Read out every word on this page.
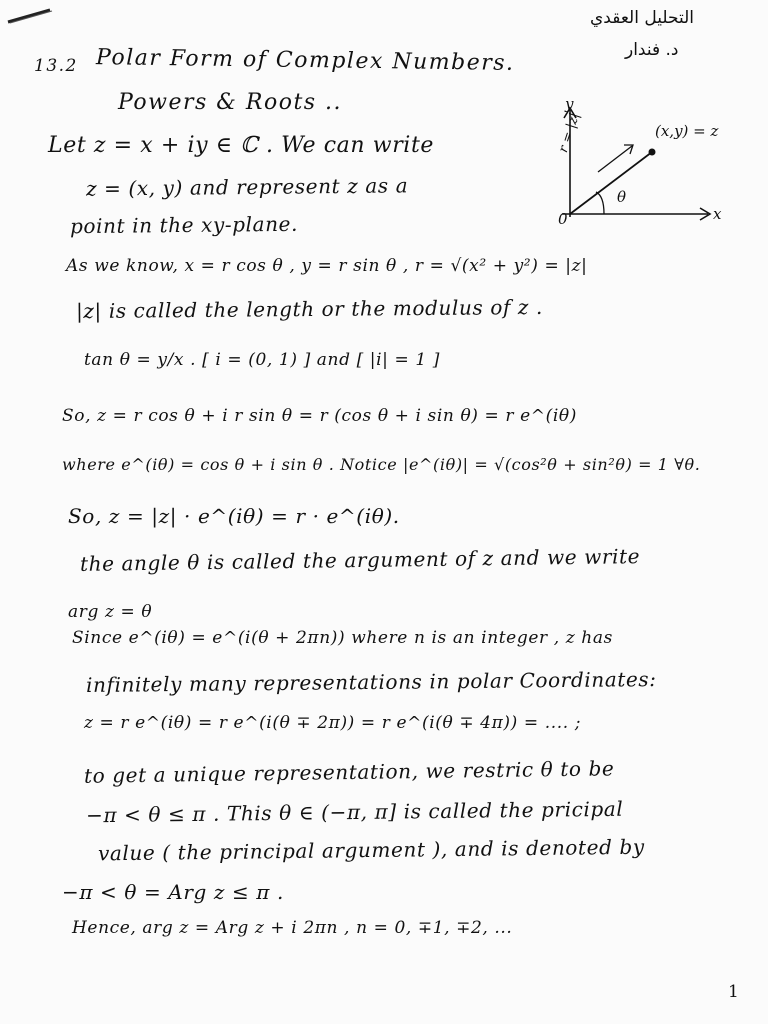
التحليل العقدي
د. فندار
13.2 Polar Form of Complex Numbers.
Powers & Roots ..	y
x
0
(x,y) = z
r = |z|
θ
Let z = x + iy ∈ ℂ . We can write
z = (x, y) and represent z as a
point in the xy-plane.
As we know, x = r cos θ , y = r sin θ , r = √(x² + y²) = |z|
|z| is called the length or the modulus of z .
tan θ = y/x . [ i = (0, 1) ] and [ |i| = 1 ]
So, z = r cos θ + i r sin θ = r (cos θ + i sin θ) = r e^(iθ)
where e^(iθ) = cos θ + i sin θ . Notice |e^(iθ)| = √(cos²θ + sin²θ) = 1 ∀θ.
So, z = |z| · e^(iθ) = r · e^(iθ).
the angle θ is called the argument of z and we write
arg z = θ
Since e^(iθ) = e^(i(θ + 2πn)) where n is an integer , z has
infinitely many representations in polar Coordinates:
z = r e^(iθ) = r e^(i(θ ∓ 2π)) = r e^(i(θ ∓ 4π)) = .... ;
to get a unique representation, we restric θ to be
−π < θ ≤ π . This θ ∈ (−π, π] is called the pricipal
value ( the principal argument ), and is denoted by
−π < θ = Arg z ≤ π .
Hence, arg z = Arg z + i 2πn , n = 0, ∓1, ∓2, ...
1
